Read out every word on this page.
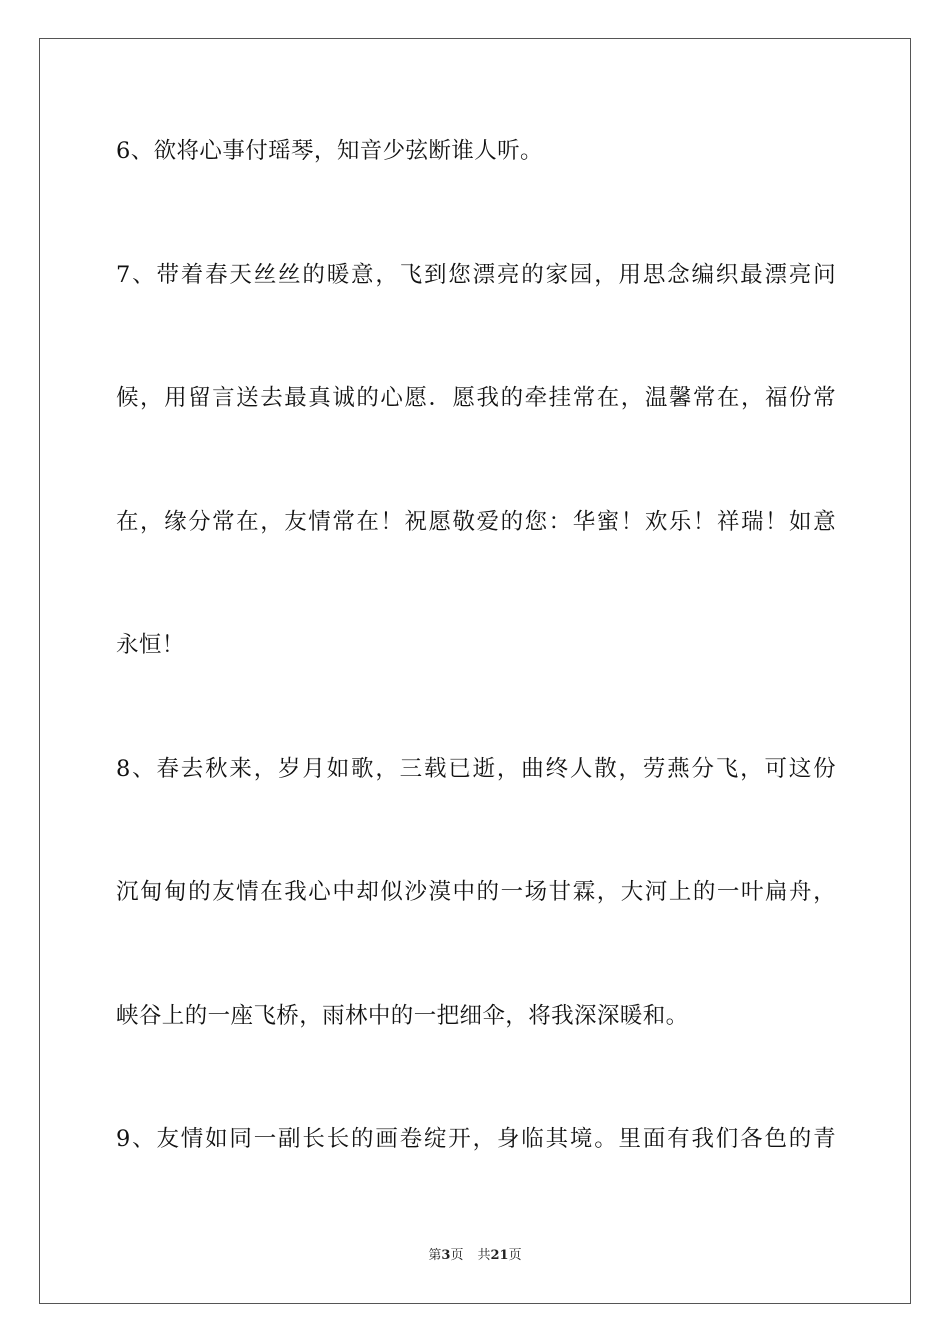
6、欲将心事付瑶琴，知音少弦断谁人听。
7、带着春天丝丝的暖意，飞到您漂亮的家园，用思念编织最漂亮问
候，用留言送去最真诚的心愿．愿我的牵挂常在，温馨常在，福份常
在，缘分常在，友情常在！祝愿敬爱的您：华蜜！欢乐！祥瑞！如意
永恒！
8、春去秋来，岁月如歌，三载已逝，曲终人散，劳燕分飞，可这份
沉甸甸的友情在我心中却似沙漠中的一场甘霖，大河上的一叶扁舟，
峡谷上的一座飞桥，雨林中的一把细伞，将我深深暖和。
9、友情如同一副长长的画卷绽开，身临其境。里面有我们各色的青
第3页 共21页
